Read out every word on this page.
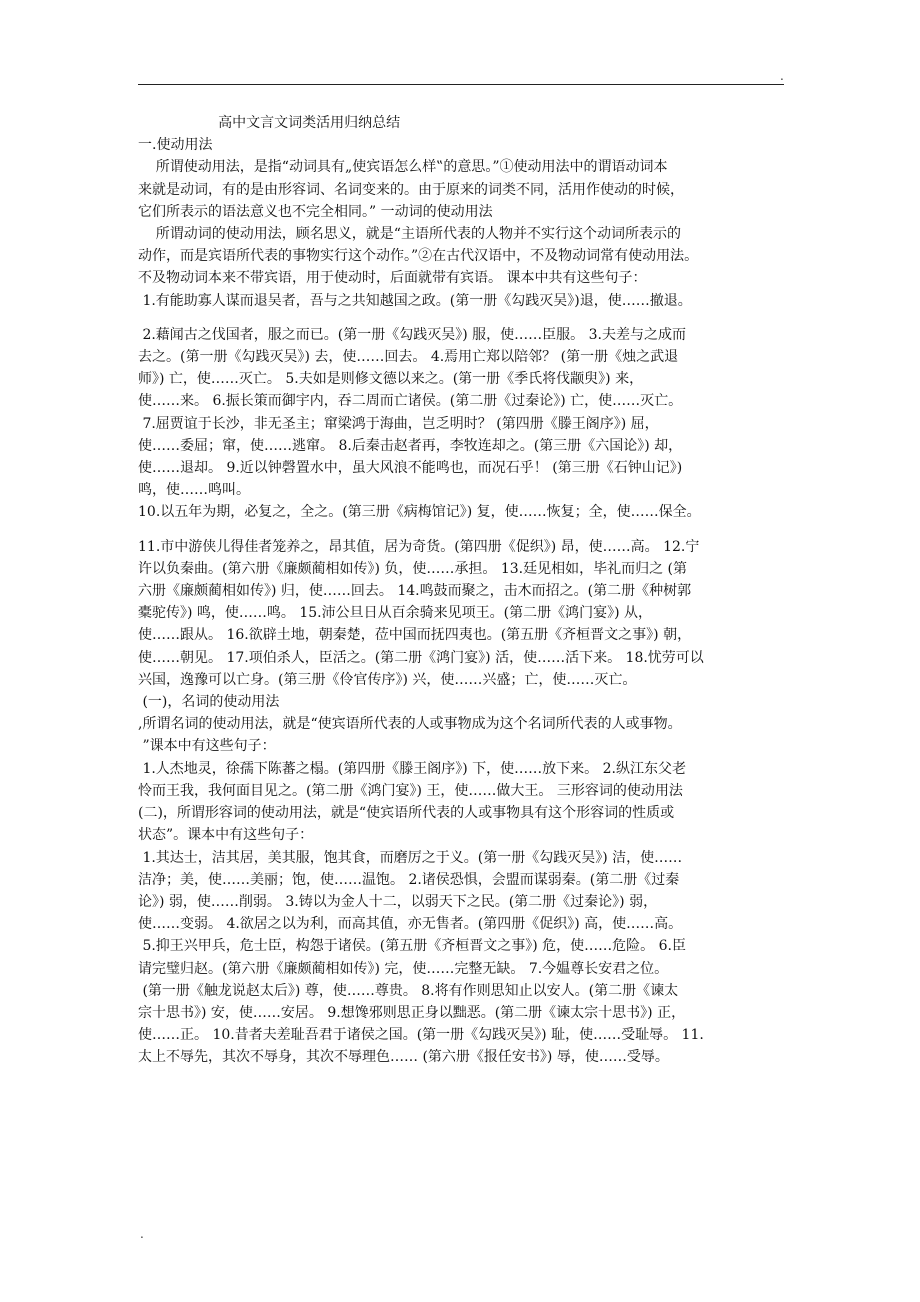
.
高中文言文词类活用归纳总结
一.使动用法
所谓使动用法，是指“动词具有„使宾语怎么样‟的意思。”①使动用法中的谓语动词本
来就是动词，有的是由形容词、名词变来的。由于原来的词类不同，活用作使动的时候，
它们所表示的语法意义也不完全相同。” 一动词的使动用法
所谓动词的使动用法，顾名思义，就是“主语所代表的人物并不实行这个动词所表示的
动作，而是宾语所代表的事物实行这个动作。”②在古代汉语中，不及物动词常有使动用法。
不及物动词本来不带宾语，用于使动时，后面就带有宾语。 课本中共有这些句子：
1.有能助寡人谋而退吴者，吾与之共知越国之政。(第一册《勾践灭吴》)退，使……撤退。
2.藉闻古之伐国者，服之而已。(第一册《勾践灭吴》) 服，使……臣服。 3.夫差与之成而
去之。(第一册《勾践灭吴》) 去，使……回去。 4.焉用亡郑以陪邻？ (第一册《烛之武退
师》) 亡，使……灭亡。 5.夫如是则修文德以来之。(第一册《季氏将伐颛臾》) 来，
使……来。 6.振长策而御宇内，吞二周而亡诸侯。(第二册《过秦论》) 亡，使……灭亡。
7.屈贾谊于长沙，非无圣主；窜梁鸿于海曲，岂乏明时？ (第四册《滕王阁序》) 屈，
使……委屈；窜，使……逃窜。 8.后秦击赵者再，李牧连却之。(第三册《六国论》) 却，
使……退却。 9.近以钟磬置水中，虽大风浪不能鸣也，而况石乎！ (第三册《石钟山记》)
鸣，使……鸣叫。
10.以五年为期，必复之，全之。(第三册《病梅馆记》) 复，使……恢复；全，使……保全。
11.市中游侠儿得佳者笼养之，昂其值，居为奇货。(第四册《促织》) 昂，使……高。 12.宁
许以负秦曲。(第六册《廉颇蔺相如传》) 负，使……承担。 13.廷见相如，毕礼而归之 (第
六册《廉颇蔺相如传》) 归，使……回去。 14.鸣鼓而聚之，击木而招之。(第二册《种树郭
橐驼传》) 鸣，使……鸣。 15.沛公旦日从百余骑来见项王。(第二册《鸿门宴》) 从，
使……跟从。 16.欲辟土地，朝秦楚，莅中国而抚四夷也。(第五册《齐桓晋文之事》) 朝，
使……朝见。 17.项伯杀人，臣活之。(第二册《鸿门宴》) 活，使……活下来。 18.忧劳可以
兴国，逸豫可以亡身。(第三册《伶官传序》) 兴，使……兴盛；亡，使……灭亡。
(一)，名词的使动用法
,所谓名词的使动用法，就是“使宾语所代表的人或事物成为这个名词所代表的人或事物。
”课本中有这些句子：
1.人杰地灵，徐孺下陈蕃之榻。(第四册《滕王阁序》) 下，使……放下来。 2.纵江东父老
怜而王我，我何面目见之。(第二册《鸿门宴》) 王，使……做大王。 三形容词的使动用法
(二)，所谓形容词的使动用法，就是“使宾语所代表的人或事物具有这个形容词的性质或
状态”。课本中有这些句子：
1.其达士，洁其居，美其服，饱其食，而磨厉之于义。(第一册《勾践灭吴》) 洁，使……
洁净；美，使……美丽；饱，使……温饱。 2.诸侯恐惧，会盟而谋弱秦。(第二册《过秦
论》) 弱，使……削弱。 3.铸以为金人十二，以弱天下之民。(第二册《过秦论》) 弱，
使……变弱。 4.欲居之以为利，而高其值，亦无售者。(第四册《促织》) 高，使……高。
5.抑王兴甲兵，危士臣，构怨于诸侯。(第五册《齐桓晋文之事》) 危，使……危险。 6.臣
请完璧归赵。(第六册《廉颇蔺相如传》) 完，使……完整无缺。 7.今媪尊长安君之位。
(第一册《触龙说赵太后》) 尊，使……尊贵。 8.将有作则思知止以安人。(第二册《谏太
宗十思书》) 安，使……安居。 9.想馋邪则思正身以黜恶。(第二册《谏太宗十思书》) 正，
使……正。 10.昔者夫差耻吾君于诸侯之国。(第一册《勾践灭吴》) 耻，使……受耻辱。 11.
太上不辱先，其次不辱身，其次不辱理色…… (第六册《报任安书》) 辱，使……受辱。
.
